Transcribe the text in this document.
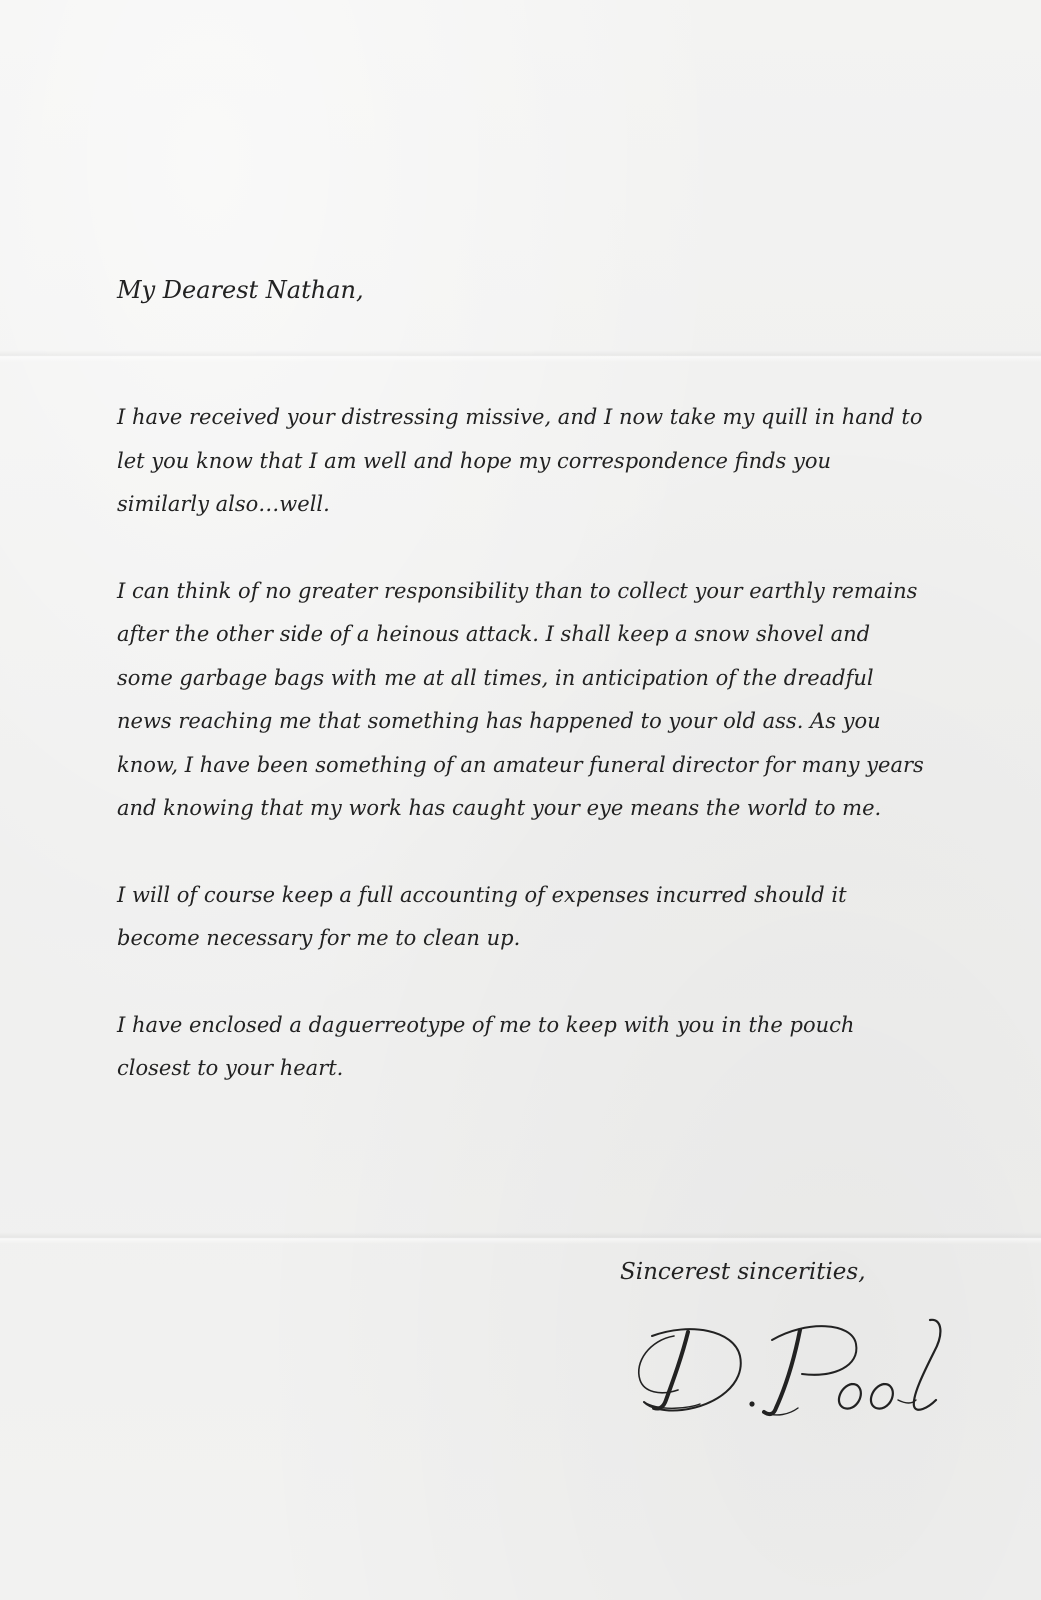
My Dearest Nathan,

I have received your distressing missive, and I now take my quill in hand to let you know that I am well and hope my correspondence finds you similarly also…well.

I can think of no greater responsibility than to collect your earthly remains after the other side of a heinous attack. I shall keep a snow shovel and some garbage bags with me at all times, in anticipation of the dreadful news reaching me that something has happened to your old ass. As you know, I have been something of an amateur funeral director for many years and knowing that my work has caught your eye means the world to me.

I will of course keep a full accounting of expenses incurred should it become necessary for me to clean up.

I have enclosed a daguerreotype of me to keep with you in the pouch closest to your heart.

Sincerest sincerities,
